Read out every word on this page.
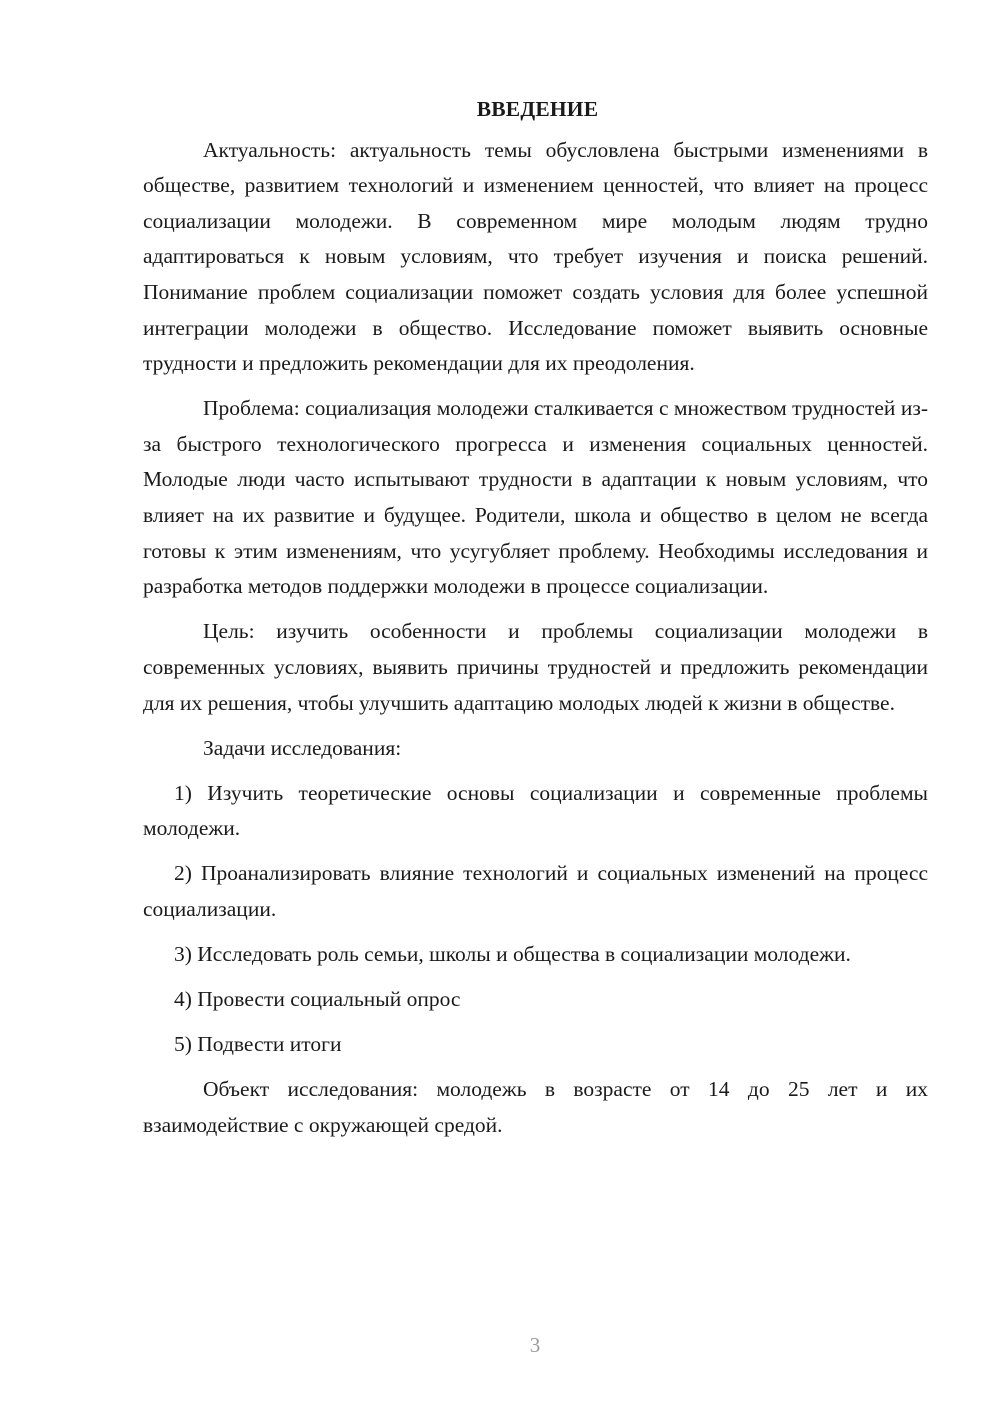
ВВЕДЕНИЕ

Актуальность: актуальность темы обусловлена быстрыми изменениями в обществе, развитием технологий и изменением ценностей, что влияет на процесс социализации молодежи. В современном мире молодым людям трудно адаптироваться к новым условиям, что требует изучения и поиска решений. Понимание проблем социализации поможет создать условия для более успешной интеграции молодежи в общество. Исследование поможет выявить основные трудности и предложить рекомендации для их преодоления.

Проблема: социализация молодежи сталкивается с множеством трудностей из-за быстрого технологического прогресса и изменения социальных ценностей. Молодые люди часто испытывают трудности в адаптации к новым условиям, что влияет на их развитие и будущее. Родители, школа и общество в целом не всегда готовы к этим изменениям, что усугубляет проблему. Необходимы исследования и разработка методов поддержки молодежи в процессе социализации.

Цель: изучить особенности и проблемы социализации молодежи в современных условиях, выявить причины трудностей и предложить рекомендации для их решения, чтобы улучшить адаптацию молодых людей к жизни в обществе.

Задачи исследования:

1) Изучить теоретические основы социализации и современные проблемы молодежи.

2) Проанализировать влияние технологий и социальных изменений на процесс социализации.

3) Исследовать роль семьи, школы и общества в социализации молодежи.

4) Провести социальный опрос

5) Подвести итоги

Объект исследования: молодежь в возрасте от 14 до 25 лет и их взаимодействие с окружающей средой.

3
